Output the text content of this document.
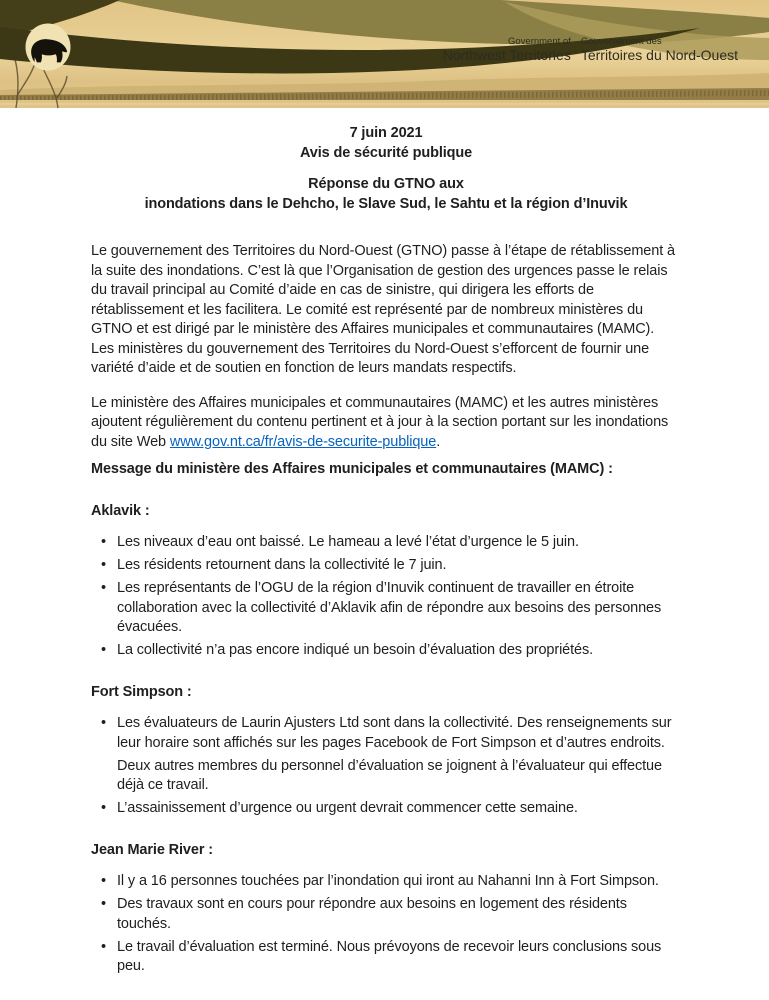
Government of
Northwest Territories
Gouvernement des
Territoires du Nord-Ouest
7 juin 2021
Avis de sécurité publique
Réponse du GTNO aux
inondations dans le Dehcho, le Slave Sud, le Sahtu et la région d’Inuvik

Le gouvernement des Territoires du Nord-Ouest (GTNO) passe à l’étape de rétablissement à la suite des inondations. C’est là que l’Organisation de gestion des urgences passe le relais du travail principal au Comité d’aide en cas de sinistre, qui dirigera les efforts de rétablissement et les facilitera. Le comité est représenté par de nombreux ministères du GTNO et est dirigé par le ministère des Affaires municipales et communautaires (MAMC). Les ministères du gouvernement des Territoires du Nord-Ouest s’efforcent de fournir une variété d’aide et de soutien en fonction de leurs mandats respectifs.

Le ministère des Affaires municipales et communautaires (MAMC) et les autres ministères ajoutent régulièrement du contenu pertinent et à jour à la section portant sur les inondations du site Web www.gov.nt.ca/fr/avis-de-securite-publique.

Message du ministère des Affaires municipales et communautaires (MAMC) :

Aklavik :

• Les niveaux d’eau ont baissé. Le hameau a levé l’état d’urgence le 5 juin.
• Les résidents retournent dans la collectivité le 7 juin.
• Les représentants de l’OGU de la région d’Inuvik continuent de travailler en étroite collaboration avec la collectivité d’Aklavik afin de répondre aux besoins des personnes évacuées.
• La collectivité n’a pas encore indiqué un besoin d’évaluation des propriétés.

Fort Simpson :

• Les évaluateurs de Laurin Ajusters Ltd sont dans la collectivité. Des renseignements sur leur horaire sont affichés sur les pages Facebook de Fort Simpson et d’autres endroits.
Deux autres membres du personnel d’évaluation se joignent à l’évaluateur qui effectue déjà ce travail.
• L’assainissement d’urgence ou urgent devrait commencer cette semaine.

Jean Marie River :

• Il y a 16 personnes touchées par l’inondation qui iront au Nahanni Inn à Fort Simpson.
• Des travaux sont en cours pour répondre aux besoins en logement des résidents touchés.
• Le travail d’évaluation est terminé. Nous prévoyons de recevoir leurs conclusions sous peu.
